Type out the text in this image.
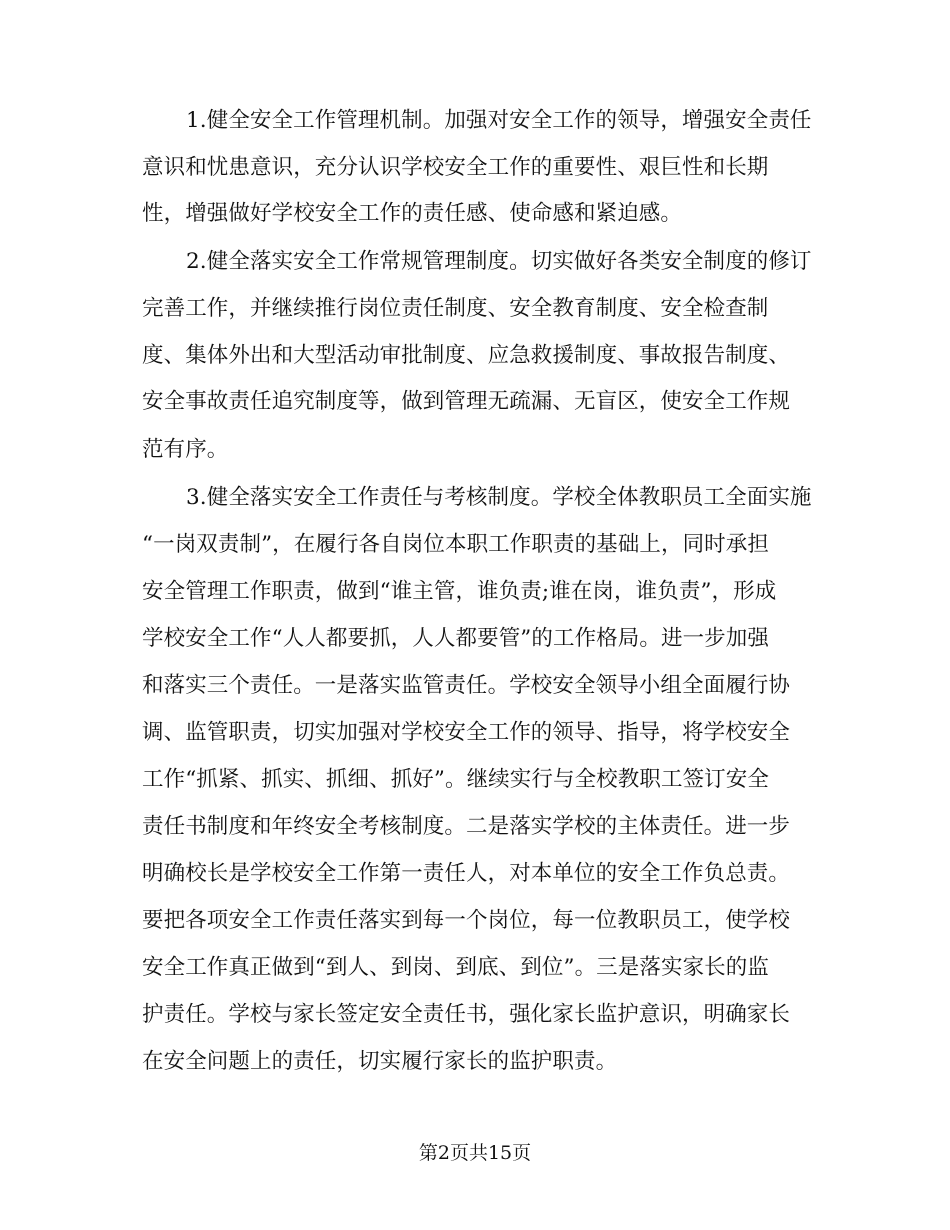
1.健全安全工作管理机制。加强对安全工作的领导，增强安全责任
意识和忧患意识，充分认识学校安全工作的重要性、艰巨性和长期
性，增强做好学校安全工作的责任感、使命感和紧迫感。
2.健全落实安全工作常规管理制度。切实做好各类安全制度的修订
完善工作，并继续推行岗位责任制度、安全教育制度、安全检查制
度、集体外出和大型活动审批制度、应急救援制度、事故报告制度、
安全事故责任追究制度等，做到管理无疏漏、无盲区，使安全工作规
范有序。
3.健全落实安全工作责任与考核制度。学校全体教职员工全面实施
“一岗双责制”，在履行各自岗位本职工作职责的基础上，同时承担
安全管理工作职责，做到“谁主管，谁负责;谁在岗，谁负责”，形成
学校安全工作“人人都要抓，人人都要管”的工作格局。进一步加强
和落实三个责任。一是落实监管责任。学校安全领导小组全面履行协
调、监管职责，切实加强对学校安全工作的领导、指导，将学校安全
工作“抓紧、抓实、抓细、抓好”。继续实行与全校教职工签订安全
责任书制度和年终安全考核制度。二是落实学校的主体责任。进一步
明确校长是学校安全工作第一责任人，对本单位的安全工作负总责。
要把各项安全工作责任落实到每一个岗位，每一位教职员工，使学校
安全工作真正做到“到人、到岗、到底、到位”。三是落实家长的监
护责任。学校与家长签定安全责任书，强化家长监护意识，明确家长
在安全问题上的责任，切实履行家长的监护职责。
第2页共15页
